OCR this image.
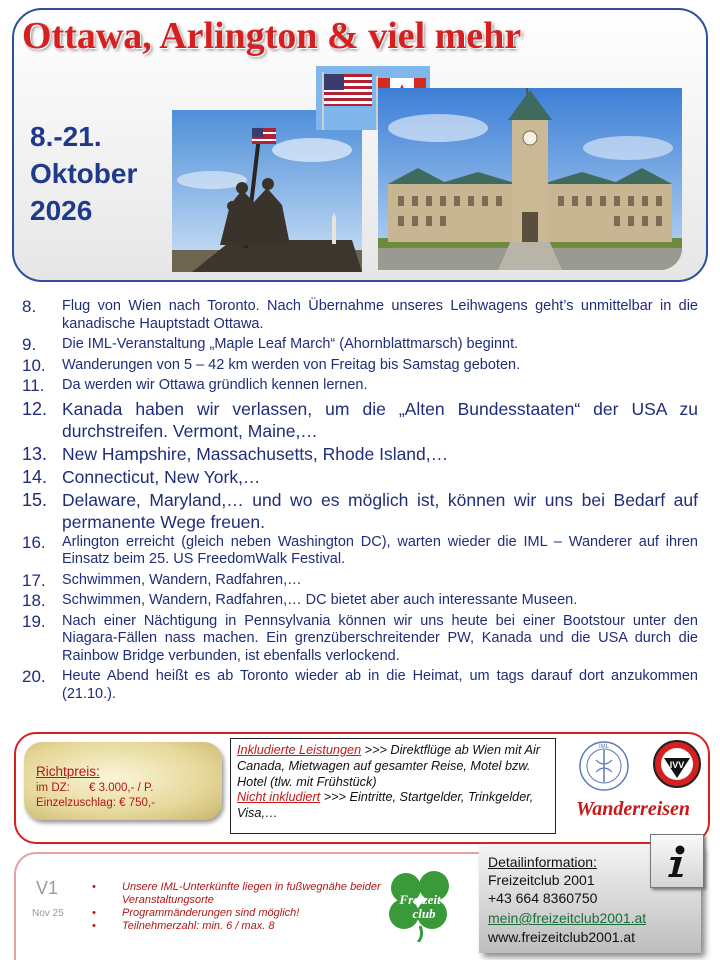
Ottawa, Arlington & viel mehr
8.-21.
Oktober
2026
8. Flug von Wien nach Toronto. Nach Übernahme unseres Leihwagens geht’s unmittelbar in die kanadische Hauptstadt Ottawa.
9. Die IML-Veranstaltung „Maple Leaf March“ (Ahornblattmarsch) beginnt.
10. Wanderungen von 5 – 42 km werden von Freitag bis Samstag geboten.
11. Da werden wir Ottawa gründlich kennen lernen.
12. Kanada haben wir verlassen, um die „Alten Bundesstaaten“ der USA zu durchstreifen. Vermont, Maine,…
13. New Hampshire, Massachusetts, Rhode Island,…
14. Connecticut, New York,…
15. Delaware, Maryland,… und wo es möglich ist, können wir uns bei Bedarf auf permanente Wege freuen.
16. Arlington erreicht (gleich neben Washington DC), warten wieder die IML – Wanderer auf ihren Einsatz beim 25. US FreedomWalk Festival.
17. Schwimmen, Wandern, Radfahren,…
18. Schwimmen, Wandern, Radfahren,… DC bietet aber auch interessante Museen.
19. Nach einer Nächtigung in Pennsylvania können wir uns heute bei einer Bootstour unter den Niagara-Fällen nass machen. Ein grenzüberschreitender PW, Kanada und die USA durch die Rainbow Bridge verbunden, ist ebenfalls verlockend.
20. Heute Abend heißt es ab Toronto wieder ab in die Heimat, um tags darauf dort anzukommen (21.10.).
Richtpreis:
im DZ: € 3.000,- / P.
Einzelzuschlag: € 750,-
Inkludierte Leistungen >>> Direktflüge ab Wien mit Air Canada, Mietwagen auf gesamter Reise, Motel bzw. Hotel (tlw. mit Frühstück)
Nicht inkludiert >>> Eintritte, Startgelder, Trinkgelder, Visa,…
IML
IVV
Wanderreisen
V1
Nov 25
• Unsere IML-Unterkünfte liegen in fußwegnähe beider Veranstaltungsorte
• Programmänderungen sind möglich!
• Teilnehmerzahl: min. 6 / max. 8
Freizeit
club
Detailinformation:
Freizeitclub 2001
+43 664 8360750
mein@freizeitclub2001.at
www.freizeitclub2001.at
